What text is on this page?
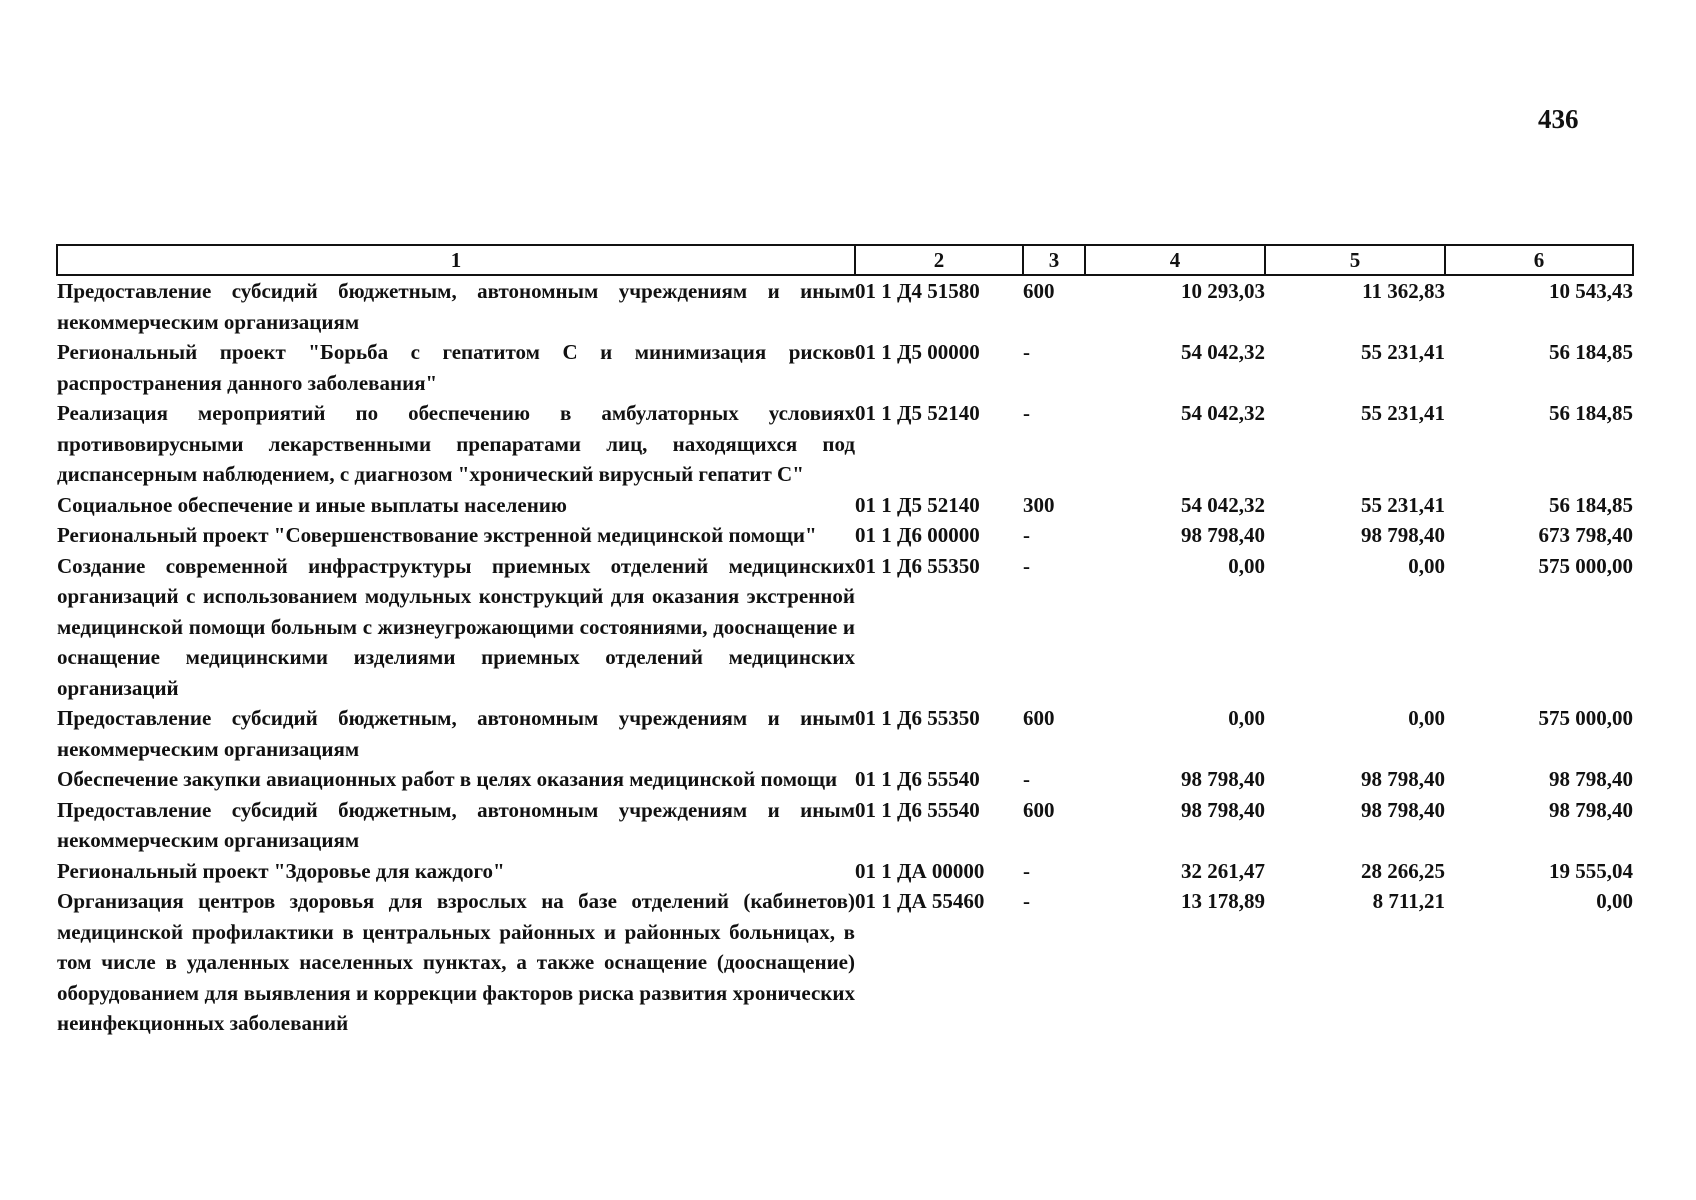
436
1	2	3	4	5	6
Предоставление субсидий бюджетным, автономным учреждениям и иным некоммерческим организациям	01 1 Д4 51580	600	10 293,03	11 362,83	10 543,43
Региональный проект "Борьба с гепатитом С и минимизация рисков распространения данного заболевания"	01 1 Д5 00000	-	54 042,32	55 231,41	56 184,85
Реализация мероприятий по обеспечению в амбулаторных условиях противовирусными лекарственными препаратами лиц, находящихся под диспансерным наблюдением, с диагнозом "хронический вирусный гепатит С"	01 1 Д5 52140	-	54 042,32	55 231,41	56 184,85
Социальное обеспечение и иные выплаты населению	01 1 Д5 52140	300	54 042,32	55 231,41	56 184,85
Региональный проект "Совершенствование экстренной медицинской помощи"	01 1 Д6 00000	-	98 798,40	98 798,40	673 798,40
Создание современной инфраструктуры приемных отделений медицинских организаций с использованием модульных конструкций для оказания экстренной медицинской помощи больным с жизнеугрожающими состояниями, дооснащение и оснащение медицинскими изделиями приемных отделений медицинских организаций	01 1 Д6 55350	-	0,00	0,00	575 000,00
Предоставление субсидий бюджетным, автономным учреждениям и иным некоммерческим организациям	01 1 Д6 55350	600	0,00	0,00	575 000,00
Обеспечение закупки авиационных работ в целях оказания медицинской помощи	01 1 Д6 55540	-	98 798,40	98 798,40	98 798,40
Предоставление субсидий бюджетным, автономным учреждениям и иным некоммерческим организациям	01 1 Д6 55540	600	98 798,40	98 798,40	98 798,40
Региональный проект "Здоровье для каждого"	01 1 ДА 00000	-	32 261,47	28 266,25	19 555,04
Организация центров здоровья для взрослых на базе отделений (кабинетов) медицинской профилактики в центральных районных и районных больницах, в том числе в удаленных населенных пунктах, а также оснащение (дооснащение) оборудованием для выявления и коррекции факторов риска развития хронических неинфекционных заболеваний	01 1 ДА 55460	-	13 178,89	8 711,21	0,00
